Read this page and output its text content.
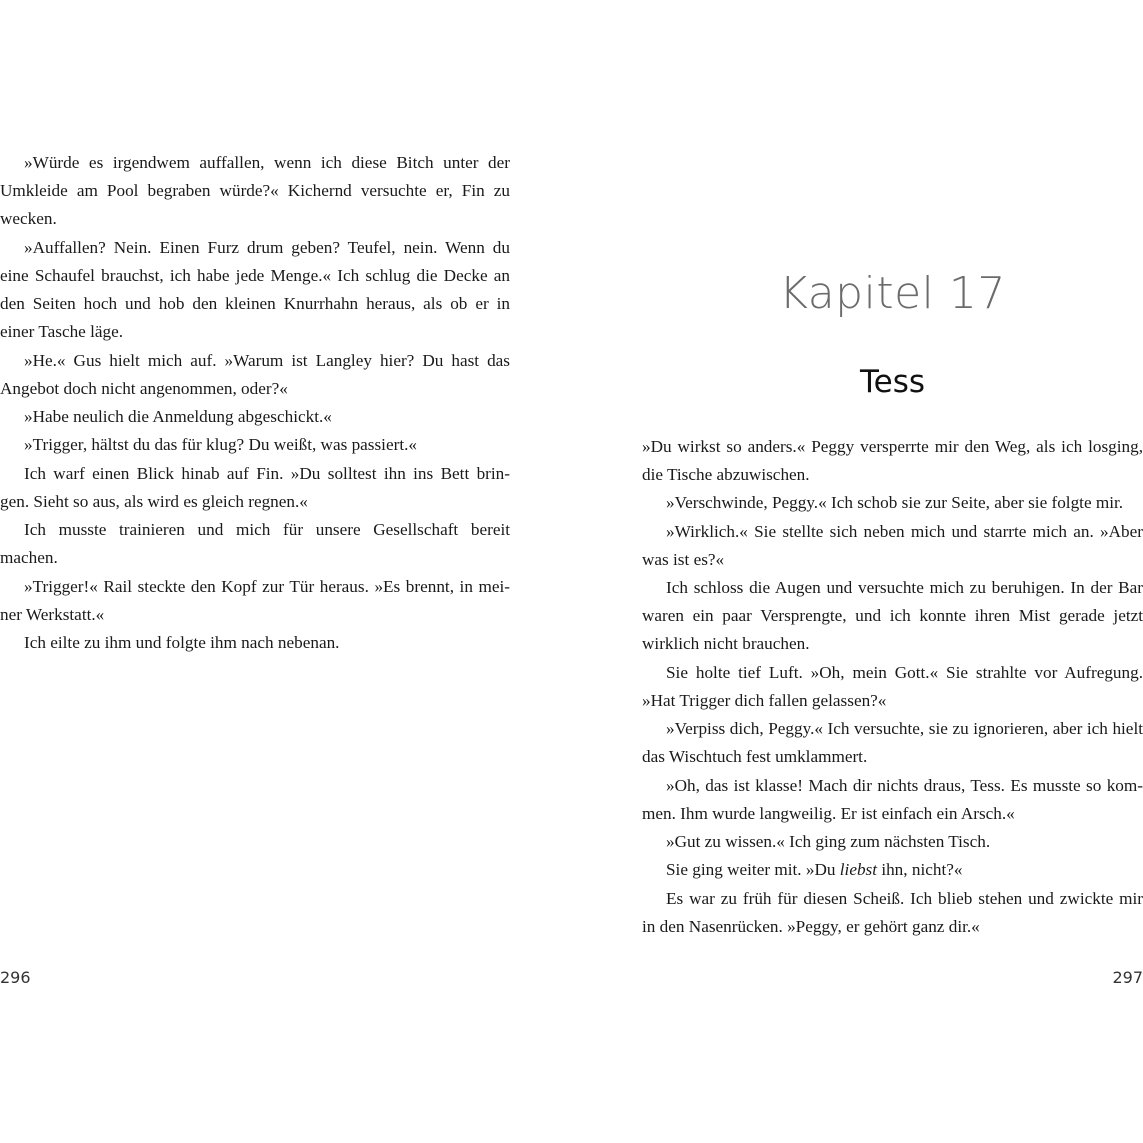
»Würde es irgendwem auffallen, wenn ich diese Bitch unter der
Umkleide am Pool begraben würde?« Kichernd versuchte er, Fin zu
wecken.
»Auffallen? Nein. Einen Furz drum geben? Teufel, nein. Wenn du
eine Schaufel brauchst, ich habe jede Menge.« Ich schlug die Decke an
den Seiten hoch und hob den kleinen Knurrhahn heraus, als ob er in
einer Tasche läge.
»He.« Gus hielt mich auf. »Warum ist Langley hier? Du hast das
Angebot doch nicht angenommen, oder?«
»Habe neulich die Anmeldung abgeschickt.«
»Trigger, hältst du das für klug? Du weißt, was passiert.«
Ich warf einen Blick hinab auf Fin. »Du solltest ihn ins Bett brin-
gen. Sieht so aus, als wird es gleich regnen.«
Ich musste trainieren und mich für unsere Gesellschaft bereit
machen.
»Trigger!« Rail steckte den Kopf zur Tür heraus. »Es brennt, in mei-
ner Werkstatt.«
Ich eilte zu ihm und folgte ihm nach nebenan.
296
Kapitel 17
Tess
»Du wirkst so anders.« Peggy versperrte mir den Weg, als ich losging,
die Tische abzuwischen.
»Verschwinde, Peggy.« Ich schob sie zur Seite, aber sie folgte mir.
»Wirklich.« Sie stellte sich neben mich und starrte mich an. »Aber
was ist es?«
Ich schloss die Augen und versuchte mich zu beruhigen. In der Bar
waren ein paar Versprengte, und ich konnte ihren Mist gerade jetzt
wirklich nicht brauchen.
Sie holte tief Luft. »Oh, mein Gott.« Sie strahlte vor Aufregung.
»Hat Trigger dich fallen gelassen?«
»Verpiss dich, Peggy.« Ich versuchte, sie zu ignorieren, aber ich hielt
das Wischtuch fest umklammert.
»Oh, das ist klasse! Mach dir nichts draus, Tess. Es musste so kom-
men. Ihm wurde langweilig. Er ist einfach ein Arsch.«
»Gut zu wissen.« Ich ging zum nächsten Tisch.
Sie ging weiter mit. »Du liebst ihn, nicht?«
Es war zu früh für diesen Scheiß. Ich blieb stehen und zwickte mir
in den Nasenrücken. »Peggy, er gehört ganz dir.«
297
